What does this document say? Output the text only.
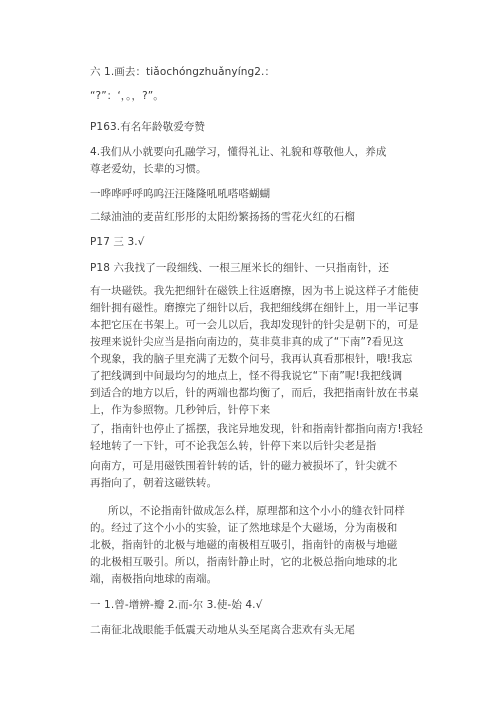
六 1.画去：tiǎochóngzhuǎnyíng2.：
“?”：‘，。，?”。
P163.有名年龄敬爱夸赞
4.我们从小就要向孔融学习，懂得礼让、礼貌和尊敬他人，养成
尊老爱幼，长辈的习惯。
一哗哗呼呼呜呜汪汪隆隆吼吼嗒嗒蝴蝴
二绿油油的麦苗红彤彤的太阳纷繁扬扬的雪花火红的石榴
P17 三 3.√
P18 六我找了一段细线、一根三厘米长的细针、一只指南针，还
有一块磁铁。我先把细针在磁铁上往返磨擦，因为书上说这样子才能使
细针拥有磁性。磨擦完了细针以后，我把细线绑在细针上，用一半记事
本把它压在书架上。可一会儿以后，我却发现针的针尖是朝下的，可是
按理来说针尖应当是指向南边的，莫非莫非真的成了“下南”?看见这
个现象，我的脑子里充满了无数个问号，我再认真看那根针，哦!我忘
了把线调到中间最均匀的地点上，怪不得我说它“下南”呢!我把线调
到适合的地方以后，针的两端也都均衡了，而后，我把指南针放在书桌
上，作为参照物。几秒钟后，针停下来
了，指南针也停止了摇摆，我诧异地发现，针和指南针都指向南方!我轻
轻地转了一下针，可不论我怎么转，针停下来以后针尖老是指
向南方，可是用磁铁围着针转的话，针的磁力被损坏了，针尖就不
再指向了，朝着这磁铁转。
所以，不论指南针做成怎么样，原理都和这个小小的缝衣针同样
的。经过了这个小小的实验，证了然地球是个大磁场，分为南极和
北极，指南针的北极与地磁的南极相互吸引，指南针的南极与地磁
的北极相互吸引。所以，指南针静止时，它的北极总指向地球的北
端，南极指向地球的南端。
一 1.曾-增辨-瓣 2.而-尔 3.使-始 4.√
二南征北战眼能手低震天动地从头至尾离合悲欢有头无尾
